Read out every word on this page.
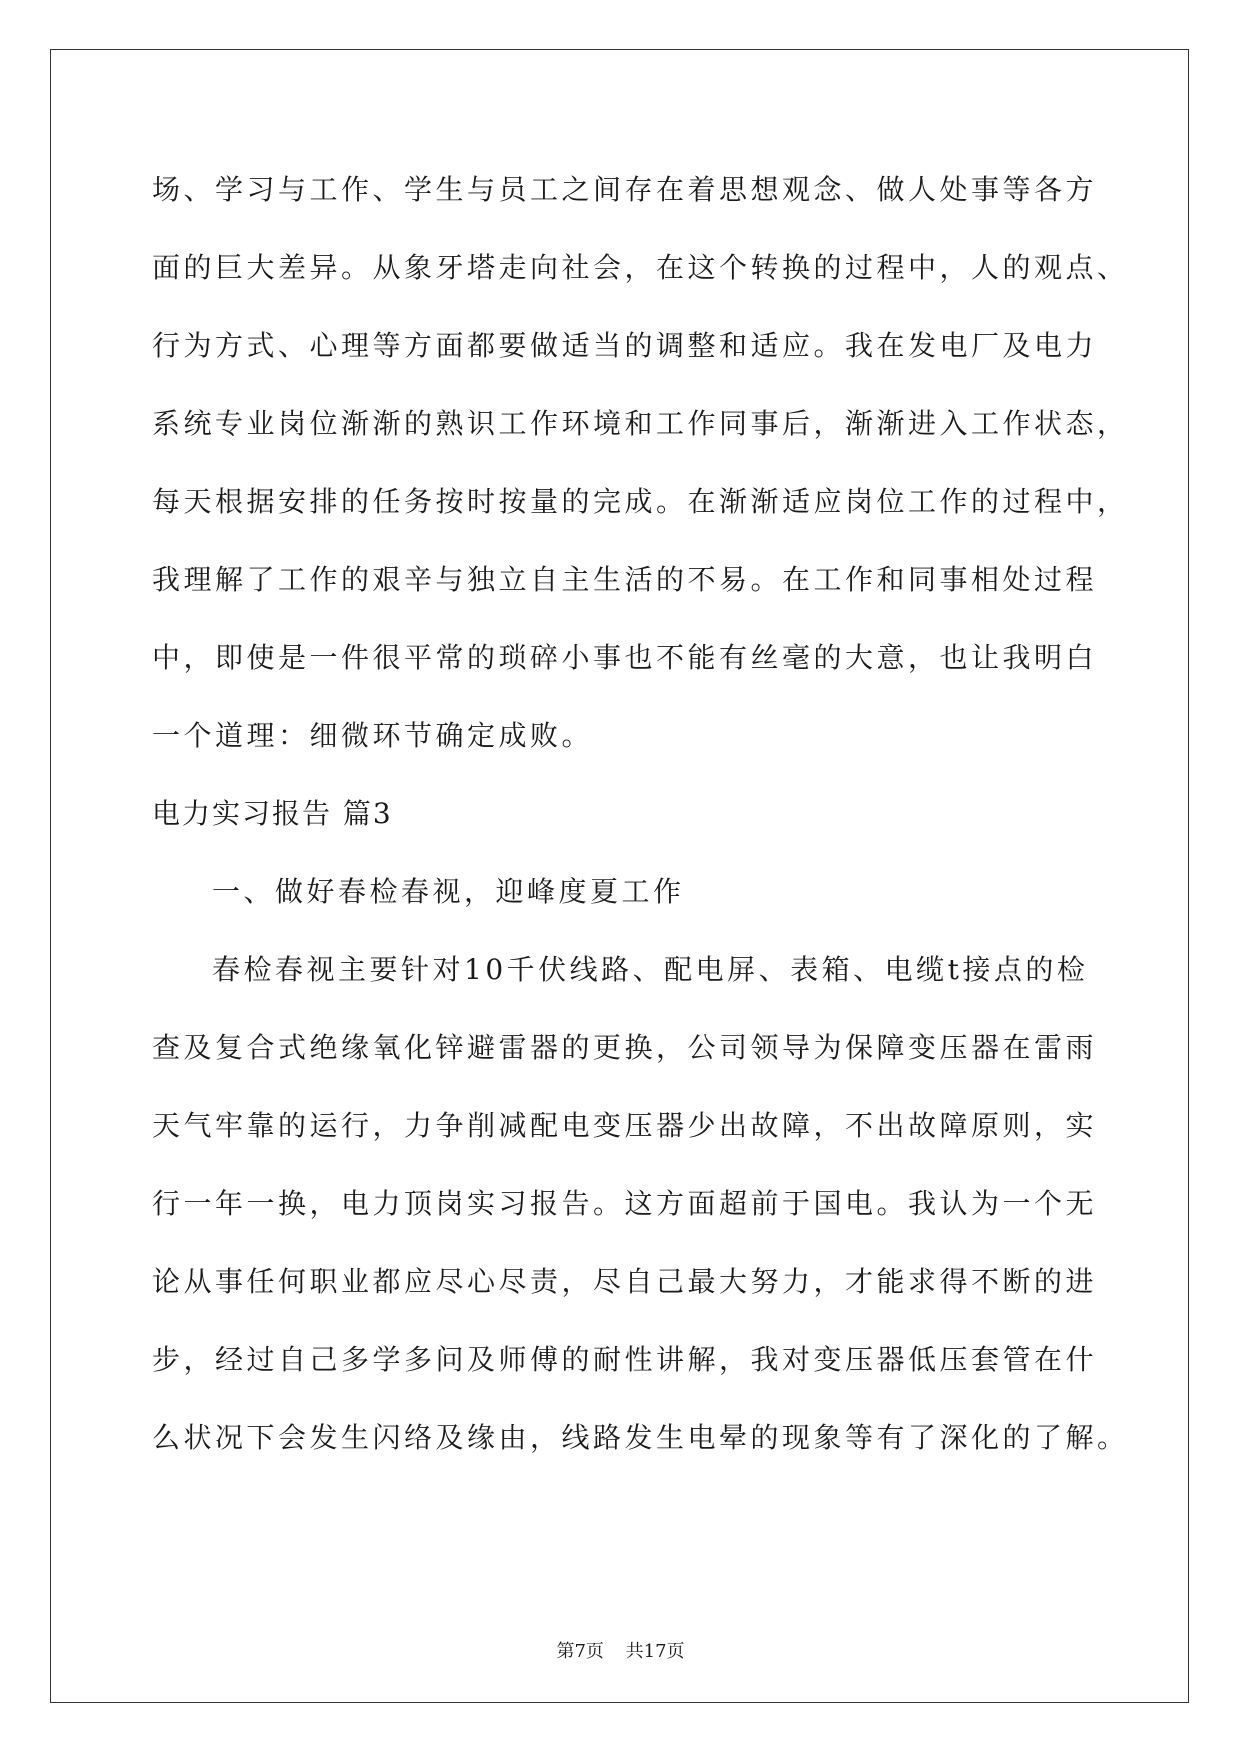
场、学习与工作、学生与员工之间存在着思想观念、做人处事等各方
面的巨大差异。从象牙塔走向社会，在这个转换的过程中，人的观点、
行为方式、心理等方面都要做适当的调整和适应。我在发电厂及电力
系统专业岗位渐渐的熟识工作环境和工作同事后，渐渐进入工作状态，
每天根据安排的任务按时按量的完成。在渐渐适应岗位工作的过程中，
我理解了工作的艰辛与独立自主生活的不易。在工作和同事相处过程
中，即使是一件很平常的琐碎小事也不能有丝毫的大意，也让我明白
一个道理：细微环节确定成败。
电力实习报告 篇3
一、做好春检春视，迎峰度夏工作
春检春视主要针对10千伏线路、配电屏、表箱、电缆t接点的检
查及复合式绝缘氧化锌避雷器的更换，公司领导为保障变压器在雷雨
天气牢靠的运行，力争削减配电变压器少出故障，不出故障原则，实
行一年一换，电力顶岗实习报告。这方面超前于国电。我认为一个无
论从事任何职业都应尽心尽责，尽自己最大努力，才能求得不断的进
步，经过自己多学多问及师傅的耐性讲解，我对变压器低压套管在什
么状况下会发生闪络及缘由，线路发生电晕的现象等有了深化的了解。
第7页 共17页
